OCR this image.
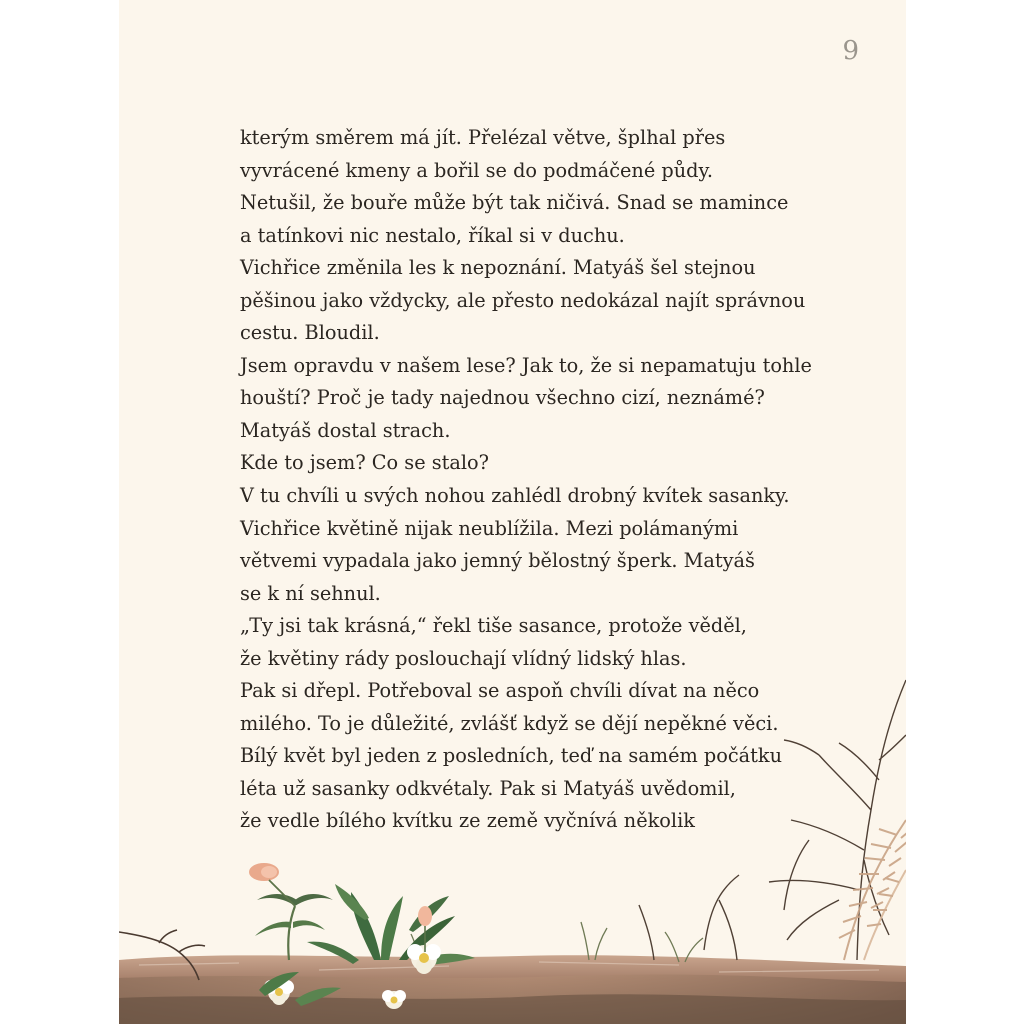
9
kterým směrem má jít. Přelézal větve, šplhal přes
vyvrácené kmeny a bořil se do podmáčené půdy.
Netušil, že bouře může být tak ničivá. Snad se mamince
a tatínkovi nic nestalo, říkal si v duchu.
Vichřice změnila les k nepoznání. Matyáš šel stejnou
pěšinou jako vždycky, ale přesto nedokázal najít správnou
cestu. Bloudil.
Jsem opravdu v našem lese? Jak to, že si nepamatuju tohle
houští? Proč je tady najednou všechno cizí, neznámé?
Matyáš dostal strach.
Kde to jsem? Co se stalo?
V tu chvíli u svých nohou zahlédl drobný kvítek sasanky.
Vichřice květině nijak neublížila. Mezi polámanými
větvemi vypadala jako jemný bělostný šperk. Matyáš
se k ní sehnul.
„Ty jsi tak krásná,“ řekl tiše sasance, protože věděl,
že květiny rády poslouchají vlídný lidský hlas.
Pak si dřepl. Potřeboval se aspoň chvíli dívat na něco
milého. To je důležité, zvlášť když se dějí nepěkné věci.
Bílý květ byl jeden z posledních, teď na samém počátku
léta už sasanky odkvétaly. Pak si Matyáš uvědomil,
že vedle bílého kvítku ze země vyčnívá několik
